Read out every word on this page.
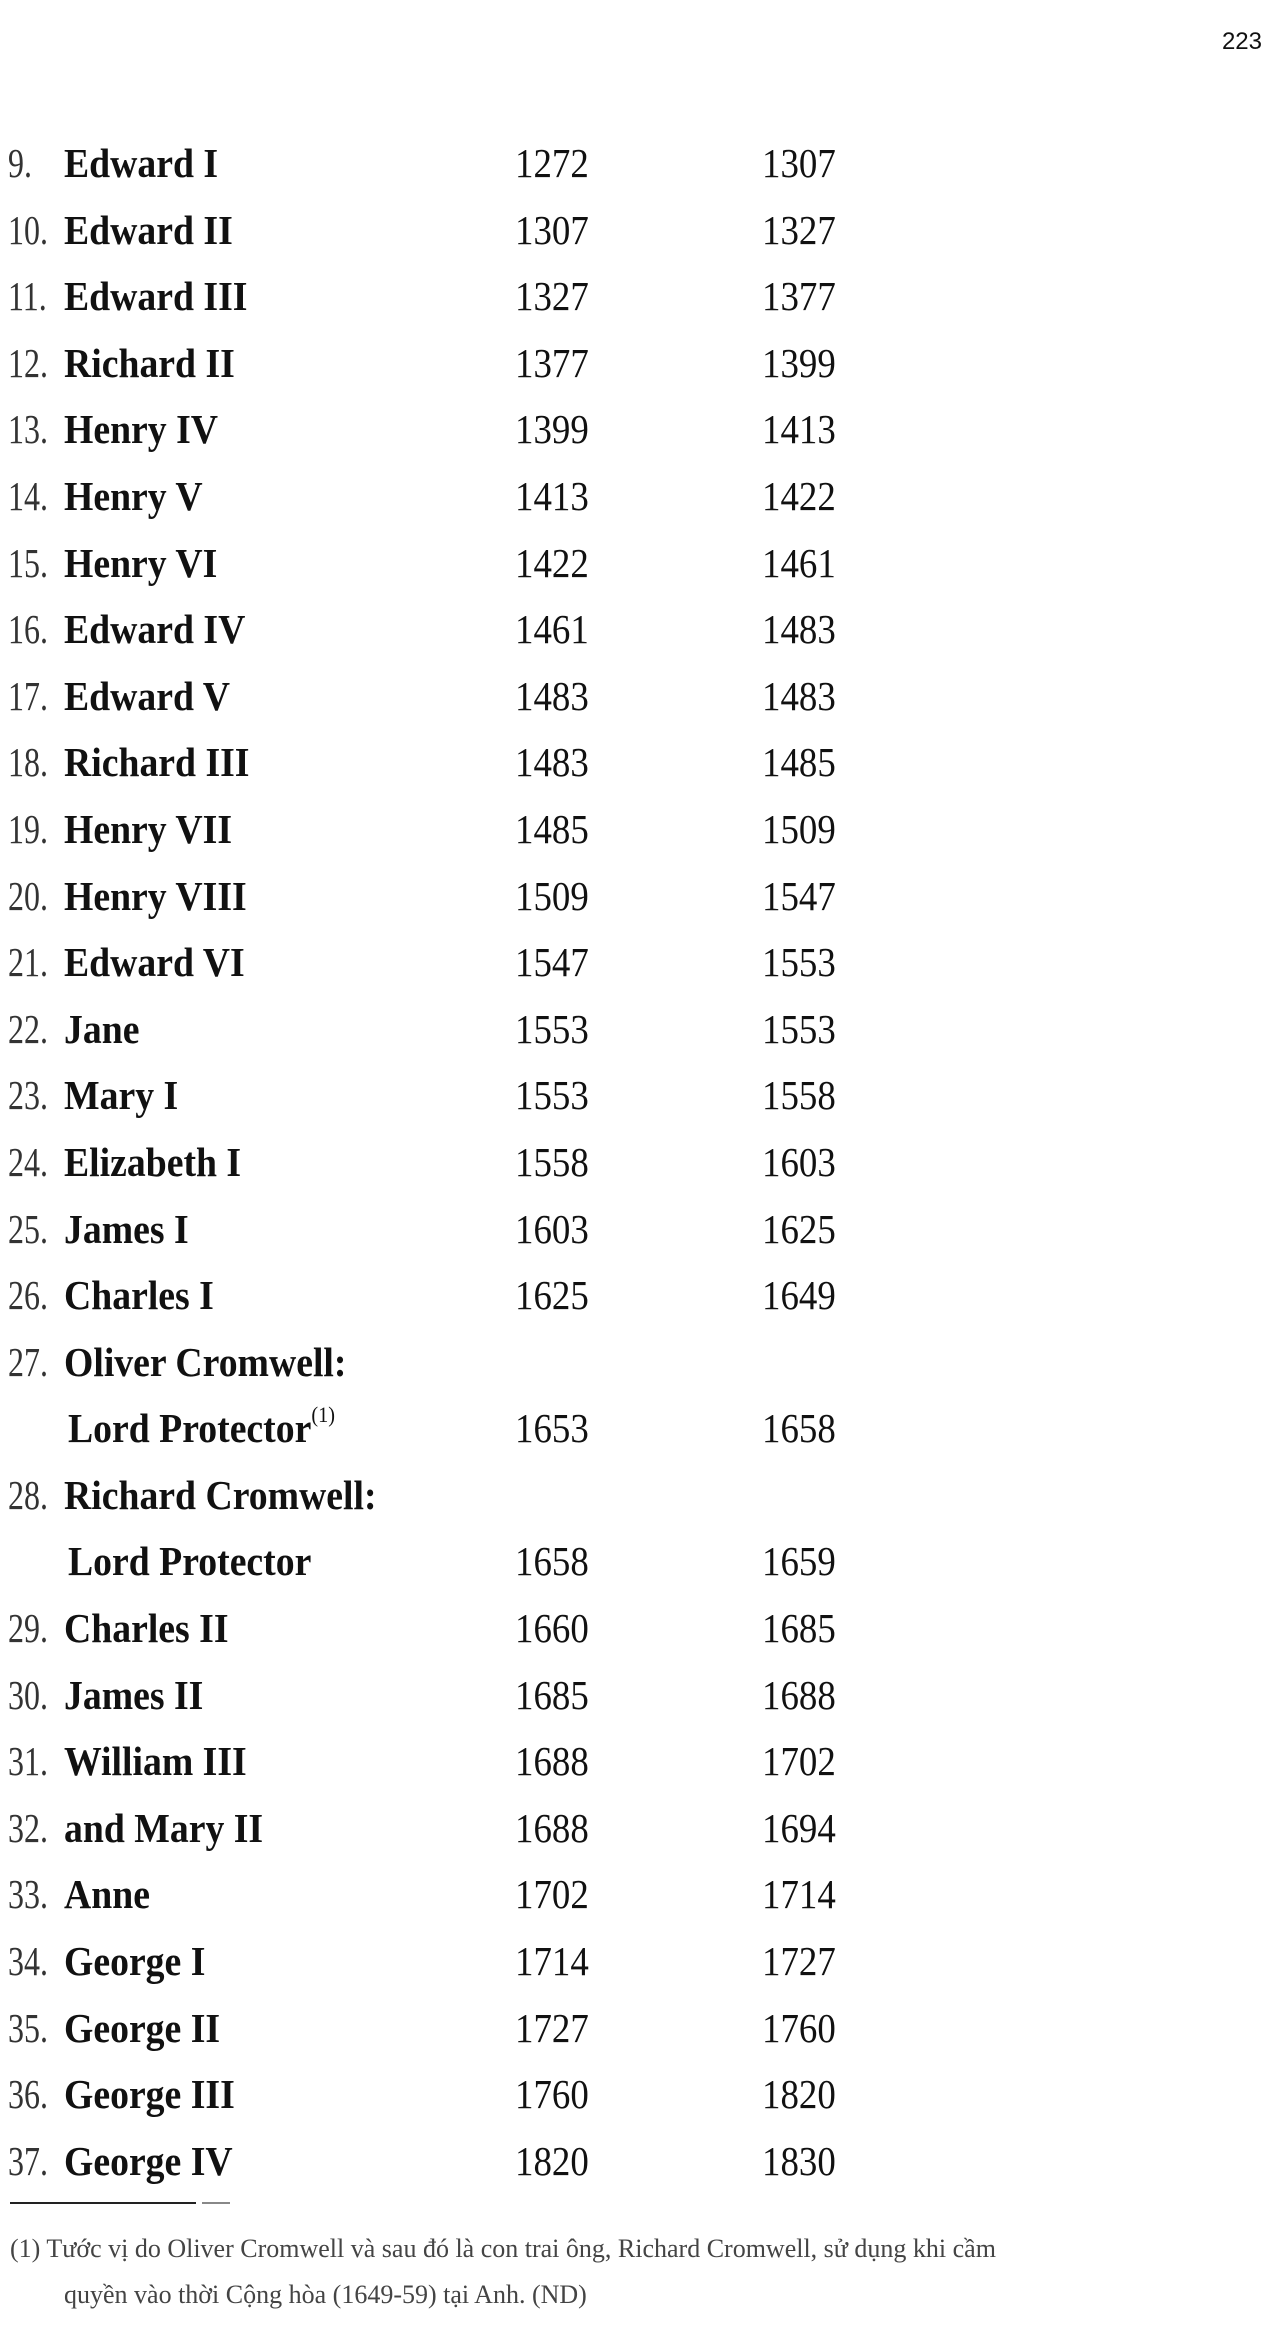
223
9. Edward I	1272	1307
10. Edward II	1307	1327
11. Edward III	1327	1377
12. Richard II	1377	1399
13. Henry IV	1399	1413
14. Henry V	1413	1422
15. Henry VI	1422	1461
16. Edward IV	1461	1483
17. Edward V	1483	1483
18. Richard III	1483	1485
19. Henry VII	1485	1509
20. Henry VIII	1509	1547
21. Edward VI	1547	1553
22. Jane	1553	1553
23. Mary I	1553	1558
24. Elizabeth I	1558	1603
25. James I	1603	1625
26. Charles I	1625	1649
27. Oliver Cromwell:
Lord Protector$^{(1)}$	1653	1658
28. Richard Cromwell:
Lord Protector	1658	1659
29. Charles II	1660	1685
30. James II	1685	1688
31. William III	1688	1702
32. and Mary II	1688	1694
33. Anne	1702	1714
34. George I	1714	1727
35. George II	1727	1760
36. George III	1760	1820
37. George IV	1820	1830
(1) Tước vị do Oliver Cromwell và sau đó là con trai ông, Richard Cromwell, sử dụng khi cầm
quyền vào thời Cộng hòa (1649-59) tại Anh. (ND)
